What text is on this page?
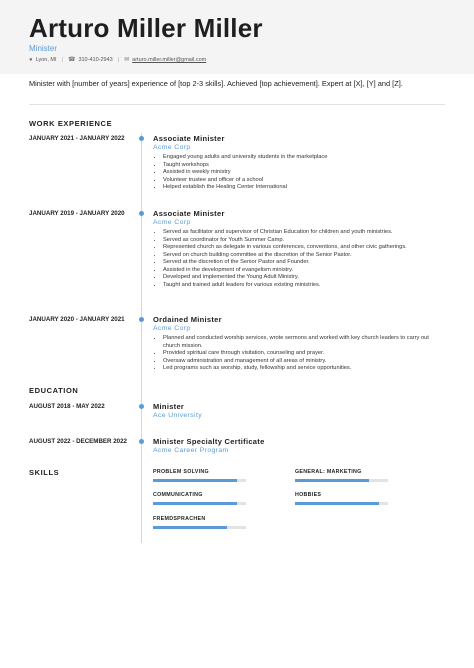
Arturo Miller Miller
Minister
● Lyon, MI | ☎ 310-410-2943 | ✉ arturo.miller.miller@gmail.com
Minister with [number of years] experience of [top 2-3 skills]. Achieved [top achievement]. Expert at [X], [Y] and [Z].
WORK EXPERIENCE
JANUARY 2021 - JANUARY 2022	Associate Minister
Acme Corp
• Engaged young adults and university students in the marketplace
• Taught workshops
• Assisted in weekly ministry
• Volunteer trustee and officer of a school
• Helped establish the Healing Center International
JANUARY 2019 - JANUARY 2020	Associate Minister
Acme Corp
• Served as facilitator and supervisor of Christian Education for children and youth ministries.
• Served as coordinator for Youth Summer Camp.
• Represented church as delegate in various conferences, conventions, and other civic gatherings.
• Served on church building committee at the discretion of the Senior Pastor.
• Served at the discretion of the Senior Pastor and Founder.
• Assisted in the development of evangelism ministry.
• Developed and implemented the Young Adult Ministry.
• Taught and trained adult leaders for various existing ministries.
JANUARY 2020 - JANUARY 2021	Ordained Minister
Acme Corp
• Planned and conducted worship services, wrote sermons and worked with key church leaders to carry out church mission.
• Provided spiritual care through visitation, counseling and prayer.
• Oversaw administration and management of all areas of ministry.
• Led programs such as worship, study, fellowship and service opportunities.
EDUCATION
AUGUST 2018 - MAY 2022	Minister
Ace University
AUGUST 2022 - DECEMBER 2022	Minister Specialty Certificate
Acme Career Program
SKILLS	PROBLEM SOLVING	GENERAL: MARKETING
COMMUNICATING	HOBBIES
FREMDSPRACHEN
